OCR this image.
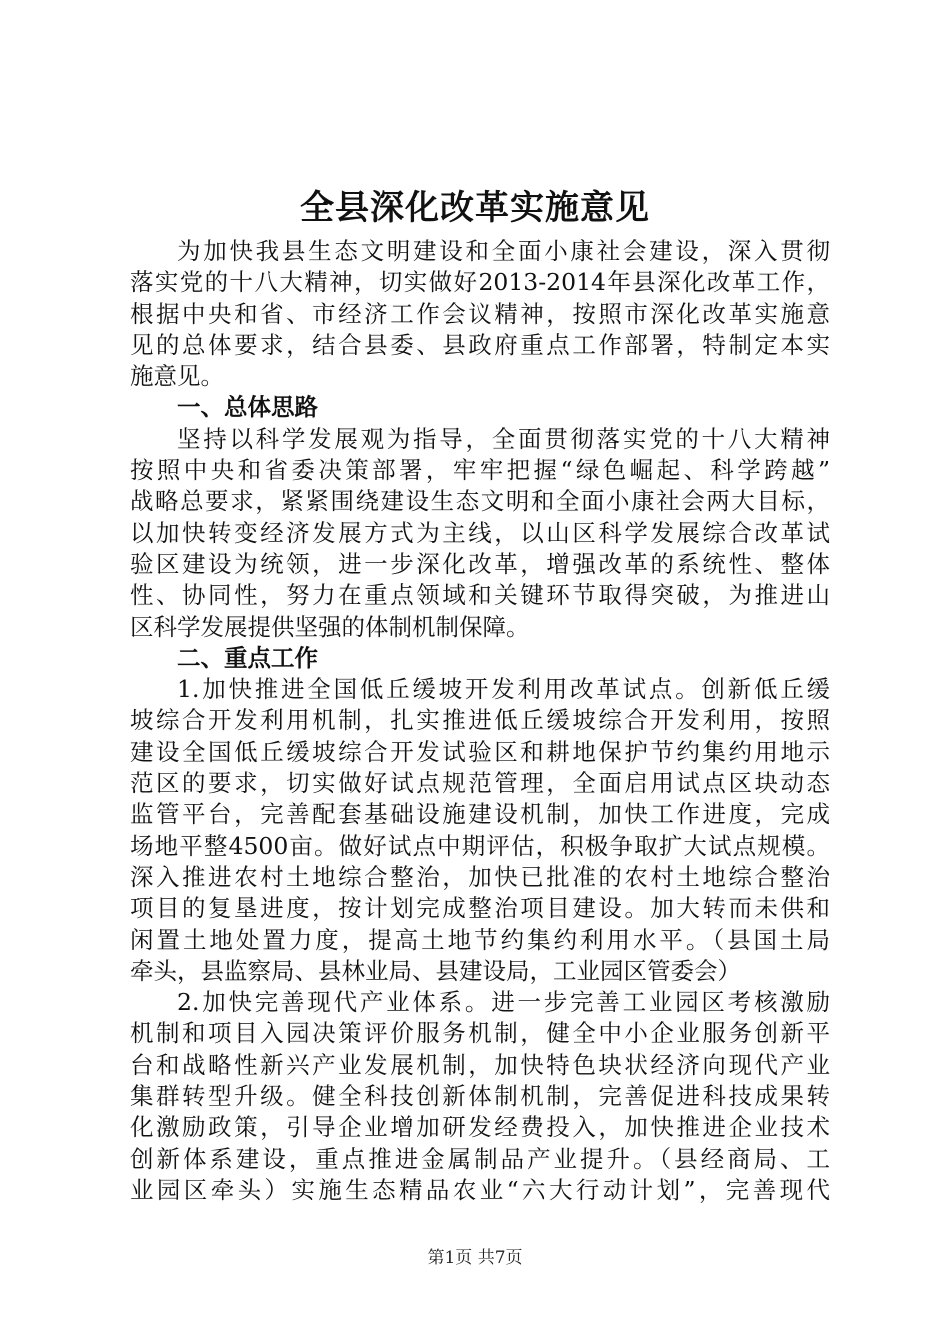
全县深化改革实施意见
为加快我县生态文明建设和全面小康社会建设，深入贯彻
落实党的十八大精神，切实做好2013-2014年县深化改革工作，
根据中央和省、市经济工作会议精神，按照市深化改革实施意
见的总体要求，结合县委、县政府重点工作部署，特制定本实
施意见。
一、总体思路
坚持以科学发展观为指导，全面贯彻落实党的十八大精神
按照中央和省委决策部署，牢牢把握“绿色崛起、科学跨越”
战略总要求，紧紧围绕建设生态文明和全面小康社会两大目标，
以加快转变经济发展方式为主线，以山区科学发展综合改革试
验区建设为统领，进一步深化改革，增强改革的系统性、整体
性、协同性，努力在重点领域和关键环节取得突破，为推进山
区科学发展提供坚强的体制机制保障。
二、重点工作
1.加快推进全国低丘缓坡开发利用改革试点。创新低丘缓
坡综合开发利用机制，扎实推进低丘缓坡综合开发利用，按照
建设全国低丘缓坡综合开发试验区和耕地保护节约集约用地示
范区的要求，切实做好试点规范管理，全面启用试点区块动态
监管平台，完善配套基础设施建设机制，加快工作进度，完成
场地平整4500亩。做好试点中期评估，积极争取扩大试点规模。
深入推进农村土地综合整治，加快已批准的农村土地综合整治
项目的复垦进度，按计划完成整治项目建设。加大转而未供和
闲置土地处置力度，提高土地节约集约利用水平。（县国土局
牵头，县监察局、县林业局、县建设局，工业园区管委会）
2.加快完善现代产业体系。进一步完善工业园区考核激励
机制和项目入园决策评价服务机制，健全中小企业服务创新平
台和战略性新兴产业发展机制，加快特色块状经济向现代产业
集群转型升级。健全科技创新体制机制，完善促进科技成果转
化激励政策，引导企业增加研发经费投入，加快推进企业技术
创新体系建设，重点推进金属制品产业提升。（县经商局、工
业园区牵头）实施生态精品农业“六大行动计划”，完善现代
第1页 共7页
